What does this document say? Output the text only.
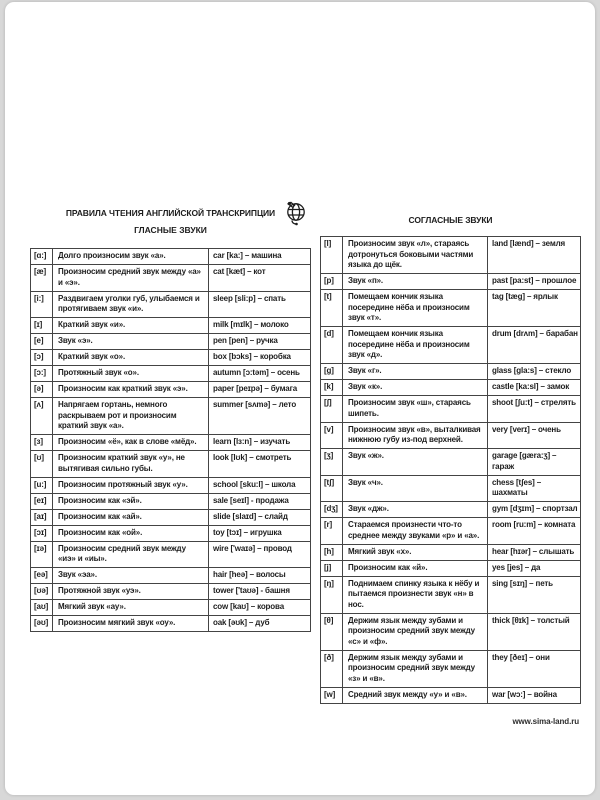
ПРАВИЛА ЧТЕНИЯ АНГЛИЙСКОЙ ТРАНСКРИПЦИИ
ГЛАСНЫЕ ЗВУКИ
[ɑ:]	Долго произносим звук «а».	car [ka:] – машина
[æ]	Произносим средний звук между «а» и «э».	cat [kæt] – кот
[i:]	Раздвигаем уголки губ, улыбаемся и протягиваем звук «и».	sleep [sli:p] – спать
[ɪ]	Краткий звук «и».	milk [mɪlk] – молоко
[e]	Звук «э».	pen [pen] – ручка
[ɔ]	Краткий звук «о».	box [bɔks] – коробка
[ɔ:]	Протяжный звук «о».	autumn [ɔ:təm] – осень
[ə]	Произносим как краткий звук «э».	paper [peɪpə] – бумага
[ʌ]	Напрягаем гортань, немного раскрываем рот и произносим краткий звук «а».	summer [sʌmə] – лето
[ɜ]	Произносим «ё», как в слове «мёд».	learn [lɜ:n] – изучать
[ʊ]	Произносим краткий звук «у», не вытягивая сильно губы.	look [lʊk] – смотреть
[u:]	Произносим протяжный звук «у».	school [sku:l] – школа
[eɪ]	Произносим как «эй».	sale [seɪl] - продажа
[aɪ]	Произносим как «ай».	slide [slaɪd] – слайд
[ɔɪ]	Произносим как «ой».	toy [tɔɪ] – игрушка
[ɪə]	Произносим средний звук между «иэ» и «иы».	wire ['waɪə] – провод
[eə]	Звук «эа».	hair [heə] – волосы
[ʊə]	Протяжной звук «уэ».	tower ['taʊə] - башня
[aʊ]	Мягкий звук «ау».	cow [kaʊ] – корова
[əʊ]	Произносим мягкий звук «оу».	oak [əʊk] – дуб
СОГЛАСНЫЕ ЗВУКИ
[l]	Произносим звук «л», стараясь дотронуться боковыми частями языка до щёк.	land [lænd] – земля
[p]	Звук «п».	past [pa:st] – прошлое
[t]	Помещаем кончик языка посередине нёба и произносим звук «т».	tag [tæg] – ярлык
[d]	Помещаем кончик языка посередине нёба и произносим звук «д».	drum [drʌm] – барабан
[g]	Звук «г».	glass [gla:s] – стекло
[k]	Звук «к».	castle [ka:sl] – замок
[ʃ]	Произносим звук «ш», стараясь шипеть.	shoot [ʃu:t] – стрелять
[v]	Произносим звук «в», выталкивая нижнюю губу из-под верхней.	very [verɪ] – очень
[ʒ]	Звук «ж».	garage [gæra:ʒ] – гараж
[tʃ]	Звук «ч».	chess [tʃes] – шахматы
[dʒ]	Звук «дж».	gym [dʒɪm] – спортзал
[r]	Стараемся произнести что-то среднее между звуками «р» и «а».	room [ru:m] – комната
[h]	Мягкий звук «х».	hear [hɪər] – слышать
[j]	Произносим как «й».	yes [jes] – да
[ŋ]	Поднимаем спинку языка к нёбу и пытаемся произнести звук «н» в нос.	sing [sɪŋ] – петь
[θ]	Держим язык между зубами и произносим средний звук между «с» и «ф».	thick [θɪk] – толстый
[ð]	Держим язык между зубами и произносим средний звук между «з» и «в».	they [ðeɪ] – они
[w]	Средний звук между «у» и «в».	war [wɔ:] – война
www.sima-land.ru
